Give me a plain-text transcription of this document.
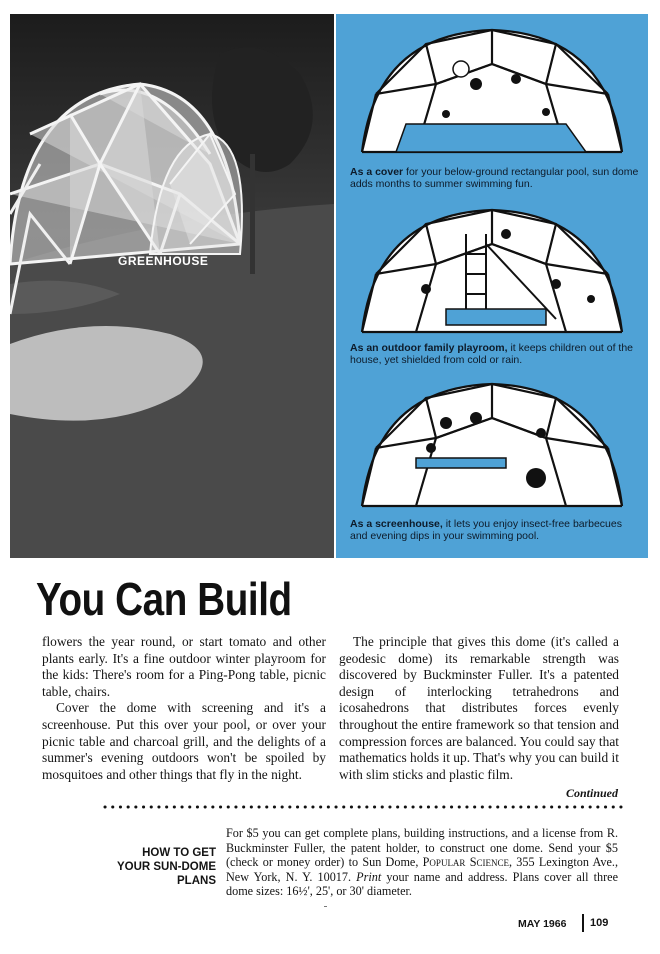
GREENHOUSE
As a cover for your below-ground rectangular pool, sun dome adds months to summer swimming fun.
As an outdoor family playroom, it keeps children out of the house, yet shielded from cold or rain.
As a screenhouse, it lets you enjoy insect-free barbecues and evening dips in your swimming pool.
You Can Build

flowers the year round, or start tomato and other plants early. It's a fine outdoor winter playroom for the kids: There's room for a Ping-Pong table, picnic table, chairs.

Cover the dome with screening and it's a screenhouse. Put this over your pool, or over your picnic table and charcoal grill, and the delights of a summer's evening outdoors won't be spoiled by mosquitoes and other things that fly in the night.

The principle that gives this dome (it's called a geodesic dome) its remarkable strength was discovered by Buckminster Fuller. It's a patented design of interlocking tetrahedrons and icosahedrons that distributes forces evenly throughout the entire framework so that tension and compression forces are balanced. You could say that mathematics holds it up. That's why you can build it with slim sticks and plastic film.

Continued
HOW TO GET
YOUR SUN-DOME
PLANS
For $5 you can get complete plans, building instructions, and a license from R. Buckminster Fuller, the patent holder, to construct one dome. Send your $5 (check or money order) to Sun Dome, Popular Science, 355 Lexington Ave., New York, N. Y. 10017. Print your name and address. Plans cover all three dome sizes: 16½', 25', or 30' diameter.
MAY 1966 109
